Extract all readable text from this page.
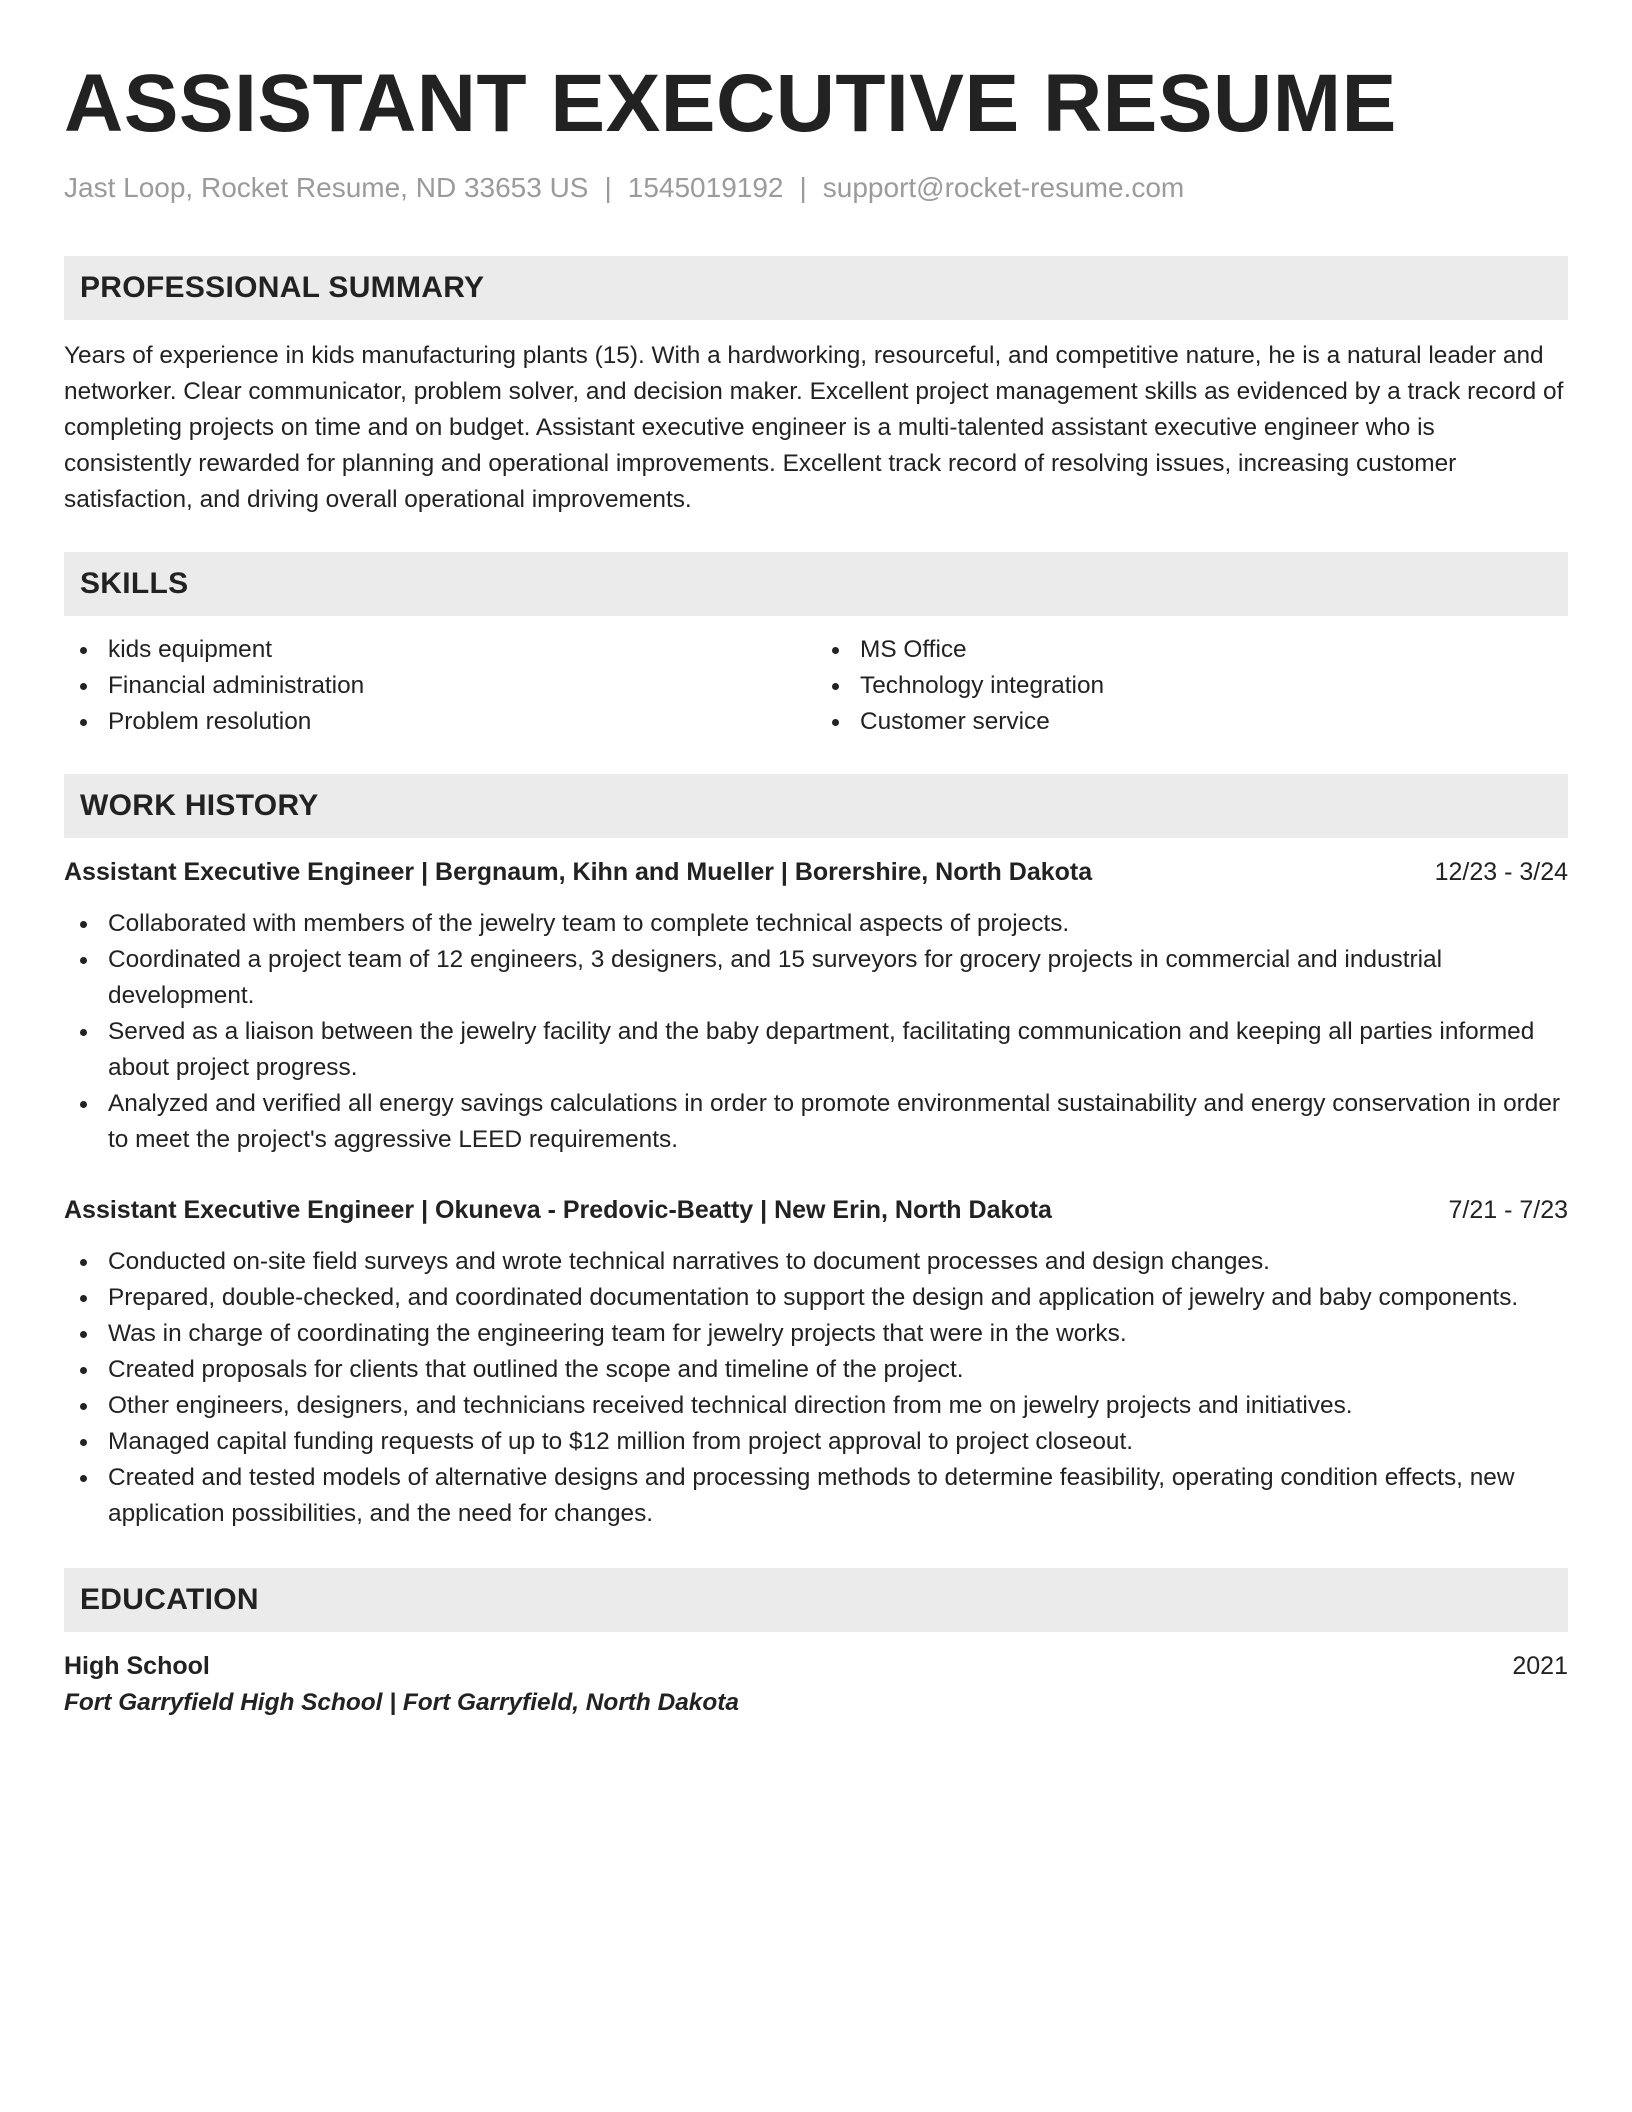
ASSISTANT EXECUTIVE RESUME
Jast Loop, Rocket Resume, ND 33653 US | 1545019192 | support@rocket-resume.com
PROFESSIONAL SUMMARY

Years of experience in kids manufacturing plants (15). With a hardworking, resourceful, and competitive nature, he is a natural leader and networker. Clear communicator, problem solver, and decision maker. Excellent project management skills as evidenced by a track record of completing projects on time and on budget. Assistant executive engineer is a multi-talented assistant executive engineer who is consistently rewarded for planning and operational improvements. Excellent track record of resolving issues, increasing customer satisfaction, and driving overall operational improvements.

SKILLS
kids equipment
Financial administration
Problem resolution
MS Office
Technology integration
Customer service
WORK HISTORY
Assistant Executive Engineer | Bergnaum, Kihn and Mueller | Borershire, North Dakota	12/23 - 3/24
Collaborated with members of the jewelry team to complete technical aspects of projects.
Coordinated a project team of 12 engineers, 3 designers, and 15 surveyors for grocery projects in commercial and industrial development.
Served as a liaison between the jewelry facility and the baby department, facilitating communication and keeping all parties informed about project progress.
Analyzed and verified all energy savings calculations in order to promote environmental sustainability and energy conservation in order to meet the project's aggressive LEED requirements.
Assistant Executive Engineer | Okuneva - Predovic-Beatty | New Erin, North Dakota	7/21 - 7/23
Conducted on-site field surveys and wrote technical narratives to document processes and design changes.
Prepared, double-checked, and coordinated documentation to support the design and application of jewelry and baby components.
Was in charge of coordinating the engineering team for jewelry projects that were in the works.
Created proposals for clients that outlined the scope and timeline of the project.
Other engineers, designers, and technicians received technical direction from me on jewelry projects and initiatives.
Managed capital funding requests of up to $12 million from project approval to project closeout.
Created and tested models of alternative designs and processing methods to determine feasibility, operating condition effects, new application possibilities, and the need for changes.
EDUCATION
High School	2021
Fort Garryfield High School | Fort Garryfield, North Dakota
